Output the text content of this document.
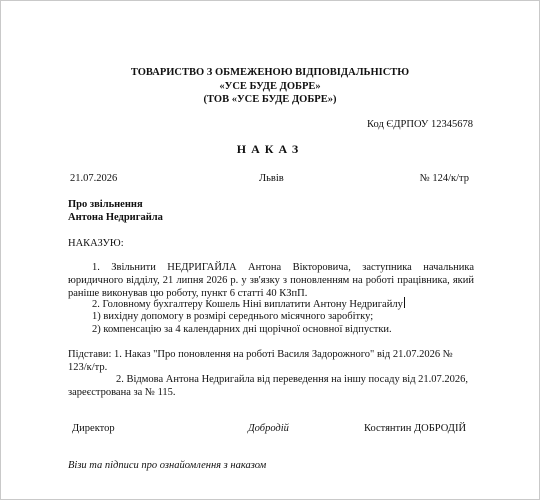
ТОВАРИСТВО З ОБМЕЖЕНОЮ ВІДПОВІДАЛЬНІСТЮ
«УСЕ БУДЕ ДОБРЕ»
(ТОВ «УСЕ БУДЕ ДОБРЕ»)
Код ЄДРПОУ 12345678
НАКАЗ
21.07.2026	Львів	№ 124/к/тр
Про звільнення
Антона Недригайла
НАКАЗУЮ:
1. Звільнити НЕДРИГАЙЛА Антона Вікторовича, заступника начальника юридичного відділу, 21 липня 2026 р. у зв'язку з поновленням на роботі працівника, який раніше виконував цю роботу, пункт 6 статті 40 КЗпП.
2. Головному бухгалтеру Кошель Ніні виплатити Антону Недригайлу
1) вихідну допомогу в розмірі середнього місячного заробітку;
2) компенсацію за 4 календарних дні щорічної основної відпустки.
Підстави: 1. Наказ "Про поновлення на роботі Василя Задорожного" від 21.07.2026 №
123/к/тр.
2. Відмова Антона Недригайла від переведення на іншу посаду від 21.07.2026,
зареєстрована за № 115.
Директор	Добродій	Костянтин ДОБРОДІЙ
Візи та підписи про ознайомлення з наказом
